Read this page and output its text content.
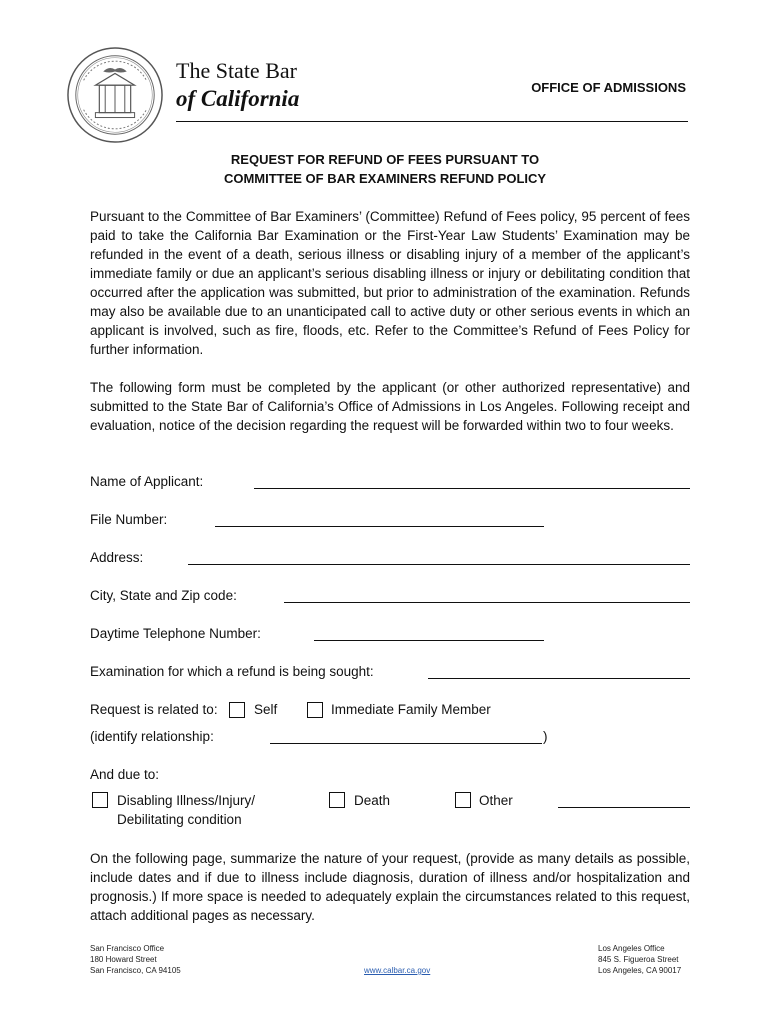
The State Bar
of California	OFFICE OF ADMISSIONS
REQUEST FOR REFUND OF FEES PURSUANT TO
COMMITTEE OF BAR EXAMINERS REFUND POLICY
Pursuant to the Committee of Bar Examiners’ (Committee) Refund of Fees policy, 95 percent of fees paid to take the California Bar Examination or the First-Year Law Students’ Examination may be refunded in the event of a death, serious illness or disabling injury of a member of the applicant’s immediate family or due an applicant’s serious disabling illness or injury or debilitating condition that occurred after the application was submitted, but prior to administration of the examination. Refunds may also be available due to an unanticipated call to active duty or other serious events in which an applicant is involved, such as fire, floods, etc. Refer to the Committee’s Refund of Fees Policy for further information.
The following form must be completed by the applicant (or other authorized representative) and submitted to the State Bar of California’s Office of Admissions in Los Angeles. Following receipt and evaluation, notice of the decision regarding the request will be forwarded within two to four weeks.
Name of Applicant:
File Number:
Address:
City, State and Zip code:
Daytime Telephone Number:
Examination for which a refund is being sought:
Request is related to:	Self	Immediate Family Member
(identify relationship:	)
And due to:
Disabling Illness/Injury/
Debilitating condition
Death	Other
On the following page, summarize the nature of your request, (provide as many details as possible, include dates and if due to illness include diagnosis, duration of illness and/or hospitalization and prognosis.) If more space is needed to adequately explain the circumstances related to this request, attach additional pages as necessary.
San Francisco Office
180 Howard Street
San Francisco, CA 94105	www.calbar.ca.gov
Los Angeles Office
845 S. Figueroa Street
Los Angeles, CA 90017
